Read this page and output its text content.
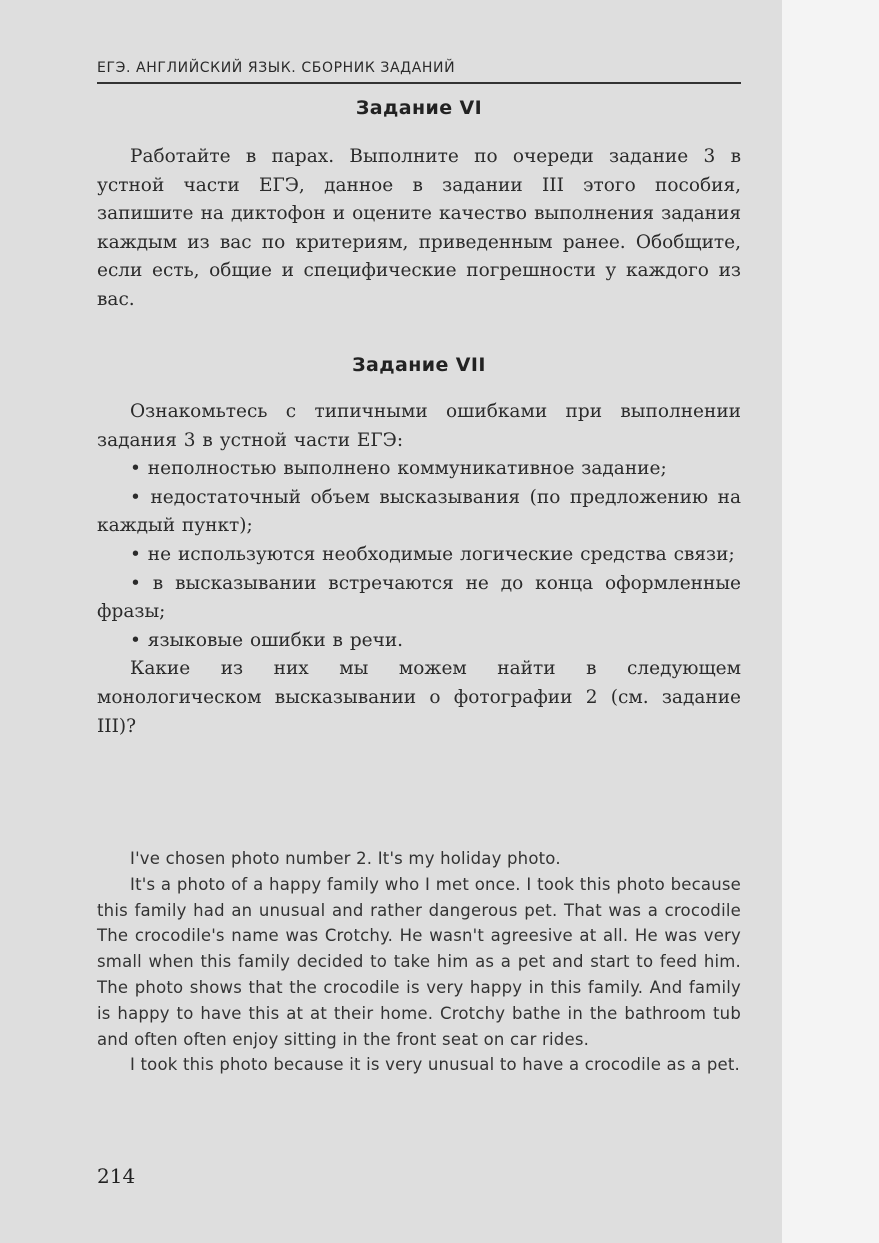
ЕГЭ. АНГЛИЙСКИЙ ЯЗЫК. СБОРНИК ЗАДАНИЙ
Задание VI

Работайте в парах. Выполните по очереди задание 3 в устной части ЕГЭ, данное в задании III этого пособия, запишите на диктофон и оцените качество выполнения задания каждым из вас по критериям, приведенным ранее. Обобщите, если есть, общие и специфические погрешности у каждого из вас.

Задание VII

Ознакомьтесь с типичными ошибками при выполнении задания 3 в устной части ЕГЭ:

• неполностью выполнено коммуникативное задание;

• недостаточный объем высказывания (по предложению на каждый пункт);

• не используются необходимые логические средства связи;

• в высказывании встречаются не до конца оформленные фразы;

• языковые ошибки в речи.

Какие из них мы можем найти в следующем монологическом высказывании о фотографии 2 (см. задание III)?

I've chosen photo number 2. It's my holiday photo.

It's a photo of a happy family who I met once. I took this photo because this family had an unusual and rather dangerous pet. That was a crocodile The crocodile's name was Crotchy. He wasn't agreesive at all. He was very small when this family decided to take him as a pet and start to feed him. The photo shows that the crocodile is very happy in this family. And family is happy to have this at at their home. Crotchy bathe in the bathroom tub and often often enjoy sitting in the front seat on car rides.

I took this photo because it is very unusual to have a crocodile as a pet.

214
